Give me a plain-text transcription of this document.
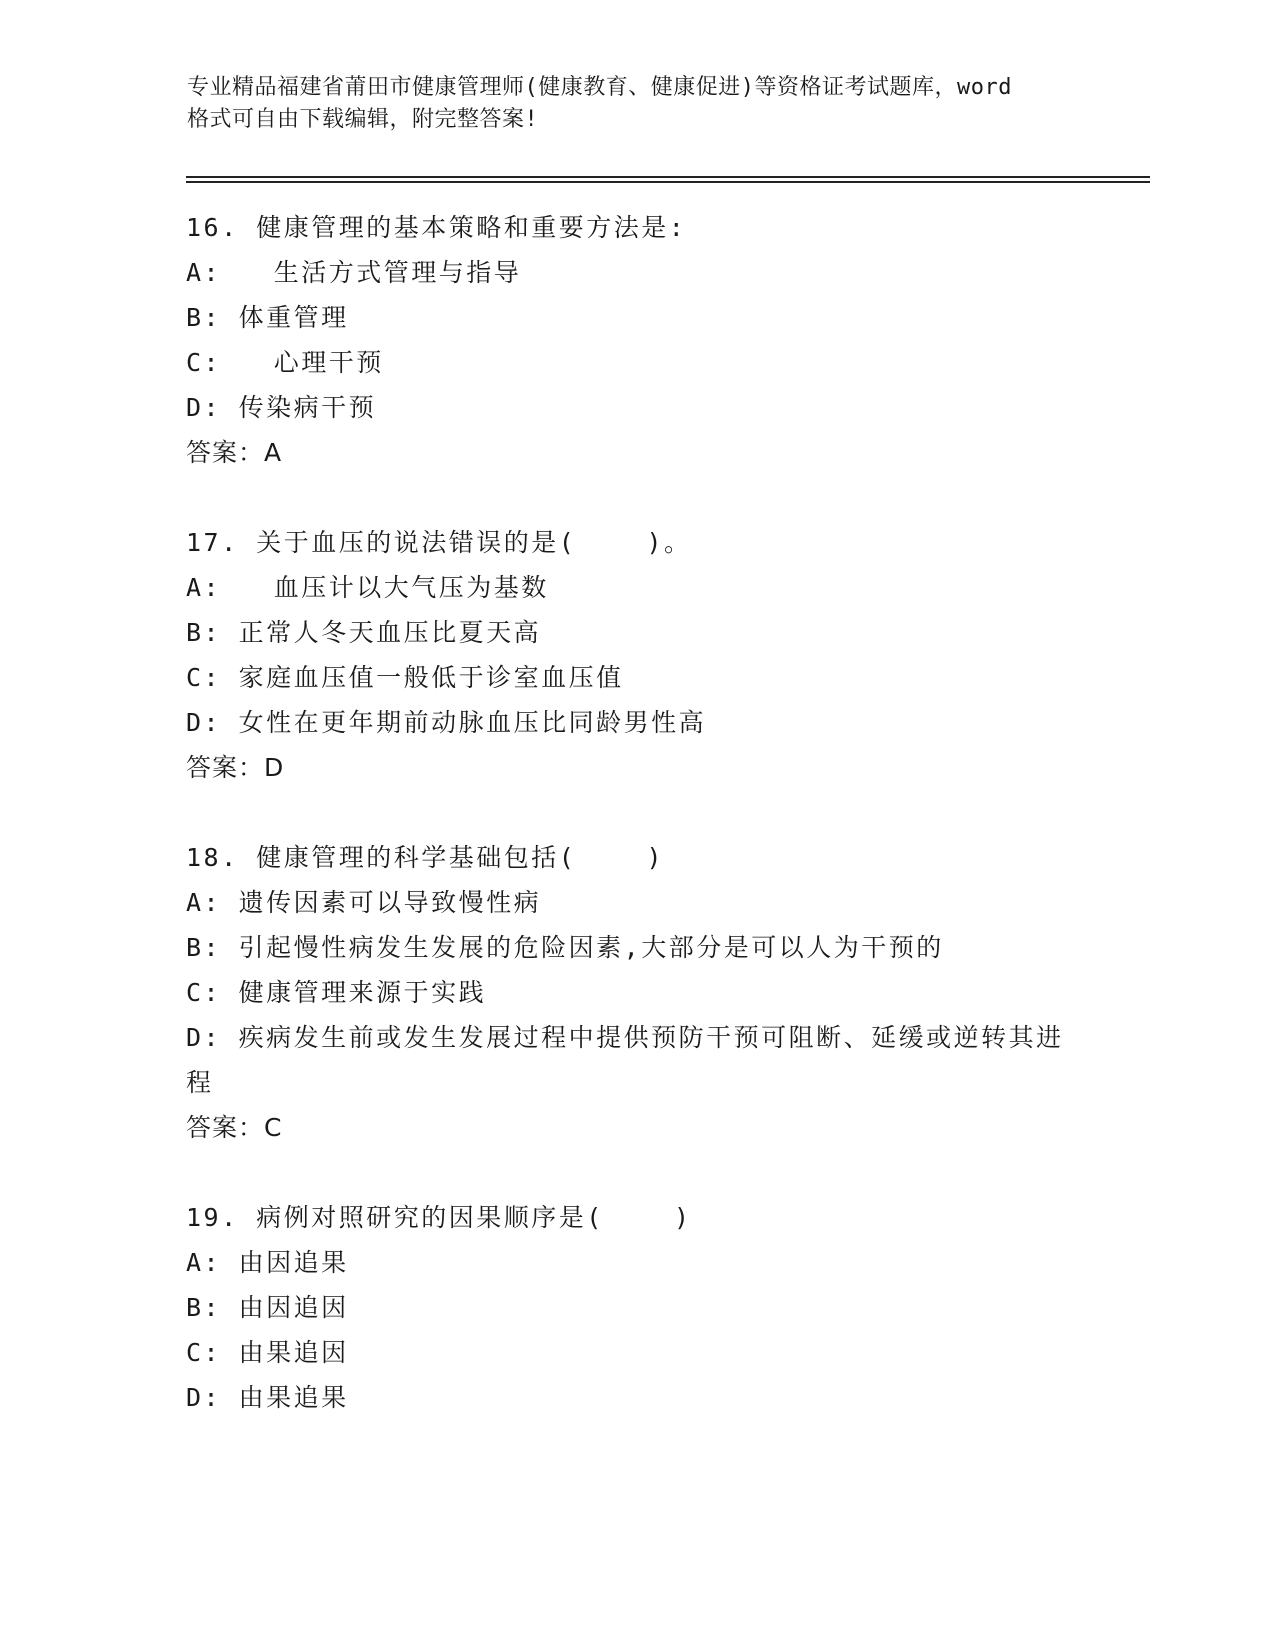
专业精品福建省莆田市健康管理师(健康教育、健康促进)等资格证考试题库，word
格式可自由下载编辑，附完整答案!
16. 健康管理的基本策略和重要方法是:
A:   生活方式管理与指导
B: 体重管理
C:   心理干预
D: 传染病干预
答案：A
17. 关于血压的说法错误的是(    )。
A:   血压计以大气压为基数
B: 正常人冬天血压比夏天高
C: 家庭血压值一般低于诊室血压值
D: 女性在更年期前动脉血压比同龄男性高
答案：D
18. 健康管理的科学基础包括(    )
A: 遗传因素可以导致慢性病
B: 引起慢性病发生发展的危险因素,大部分是可以人为干预的
C: 健康管理来源于实践
D: 疾病发生前或发生发展过程中提供预防干预可阻断、延缓或逆转其进程
答案：C
19. 病例对照研究的因果顺序是(    )
A: 由因追果
B: 由因追因
C: 由果追因
D: 由果追果
